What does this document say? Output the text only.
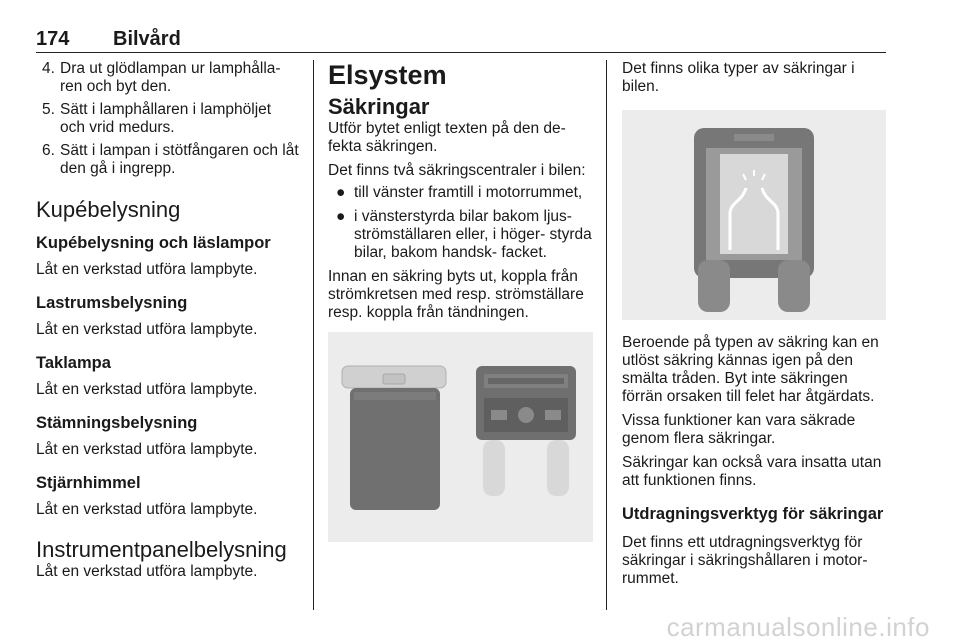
174 Bilvård
4. Dra ut glödlampan ur lamphålla- ren och byt den.
5. Sätt i lamphållaren i lamphöljet och vrid medurs.
6. Sätt i lampan i stötfångaren och låt den gå i ingrepp.
Kupébelysning
Kupébelysning och läslampor

Låt en verkstad utföra lampbyte.

Lastrumsbelysning

Låt en verkstad utföra lampbyte.

Taklampa

Låt en verkstad utföra lampbyte.

Stämningsbelysning

Låt en verkstad utföra lampbyte.

Stjärnhimmel

Låt en verkstad utföra lampbyte.

Instrumentpanelbelysning

Låt en verkstad utföra lampbyte.

Elsystem
Säkringar

Utför bytet enligt texten på den de- fekta säkringen.

Det finns två säkringscentraler i bilen:

● till vänster framtill i motorrummet,
● i vänsterstyrda bilar bakom ljus- strömställaren eller, i höger- styrda bilar, bakom handsk- facket.

Innan en säkring byts ut, koppla från strömkretsen med resp. strömställare resp. koppla från tändningen.

Det finns olika typer av säkringar i bilen.

Beroende på typen av säkring kan en utlöst säkring kännas igen på den smälta tråden. Byt inte säkringen förrän orsaken till felet har åtgärdats.

Vissa funktioner kan vara säkrade genom flera säkringar.

Säkringar kan också vara insatta utan att funktionen finns.

Utdragningsverktyg för säkringar

Det finns ett utdragningsverktyg för säkringar i säkringshållaren i motor- rummet.

carmanualsonline.info
